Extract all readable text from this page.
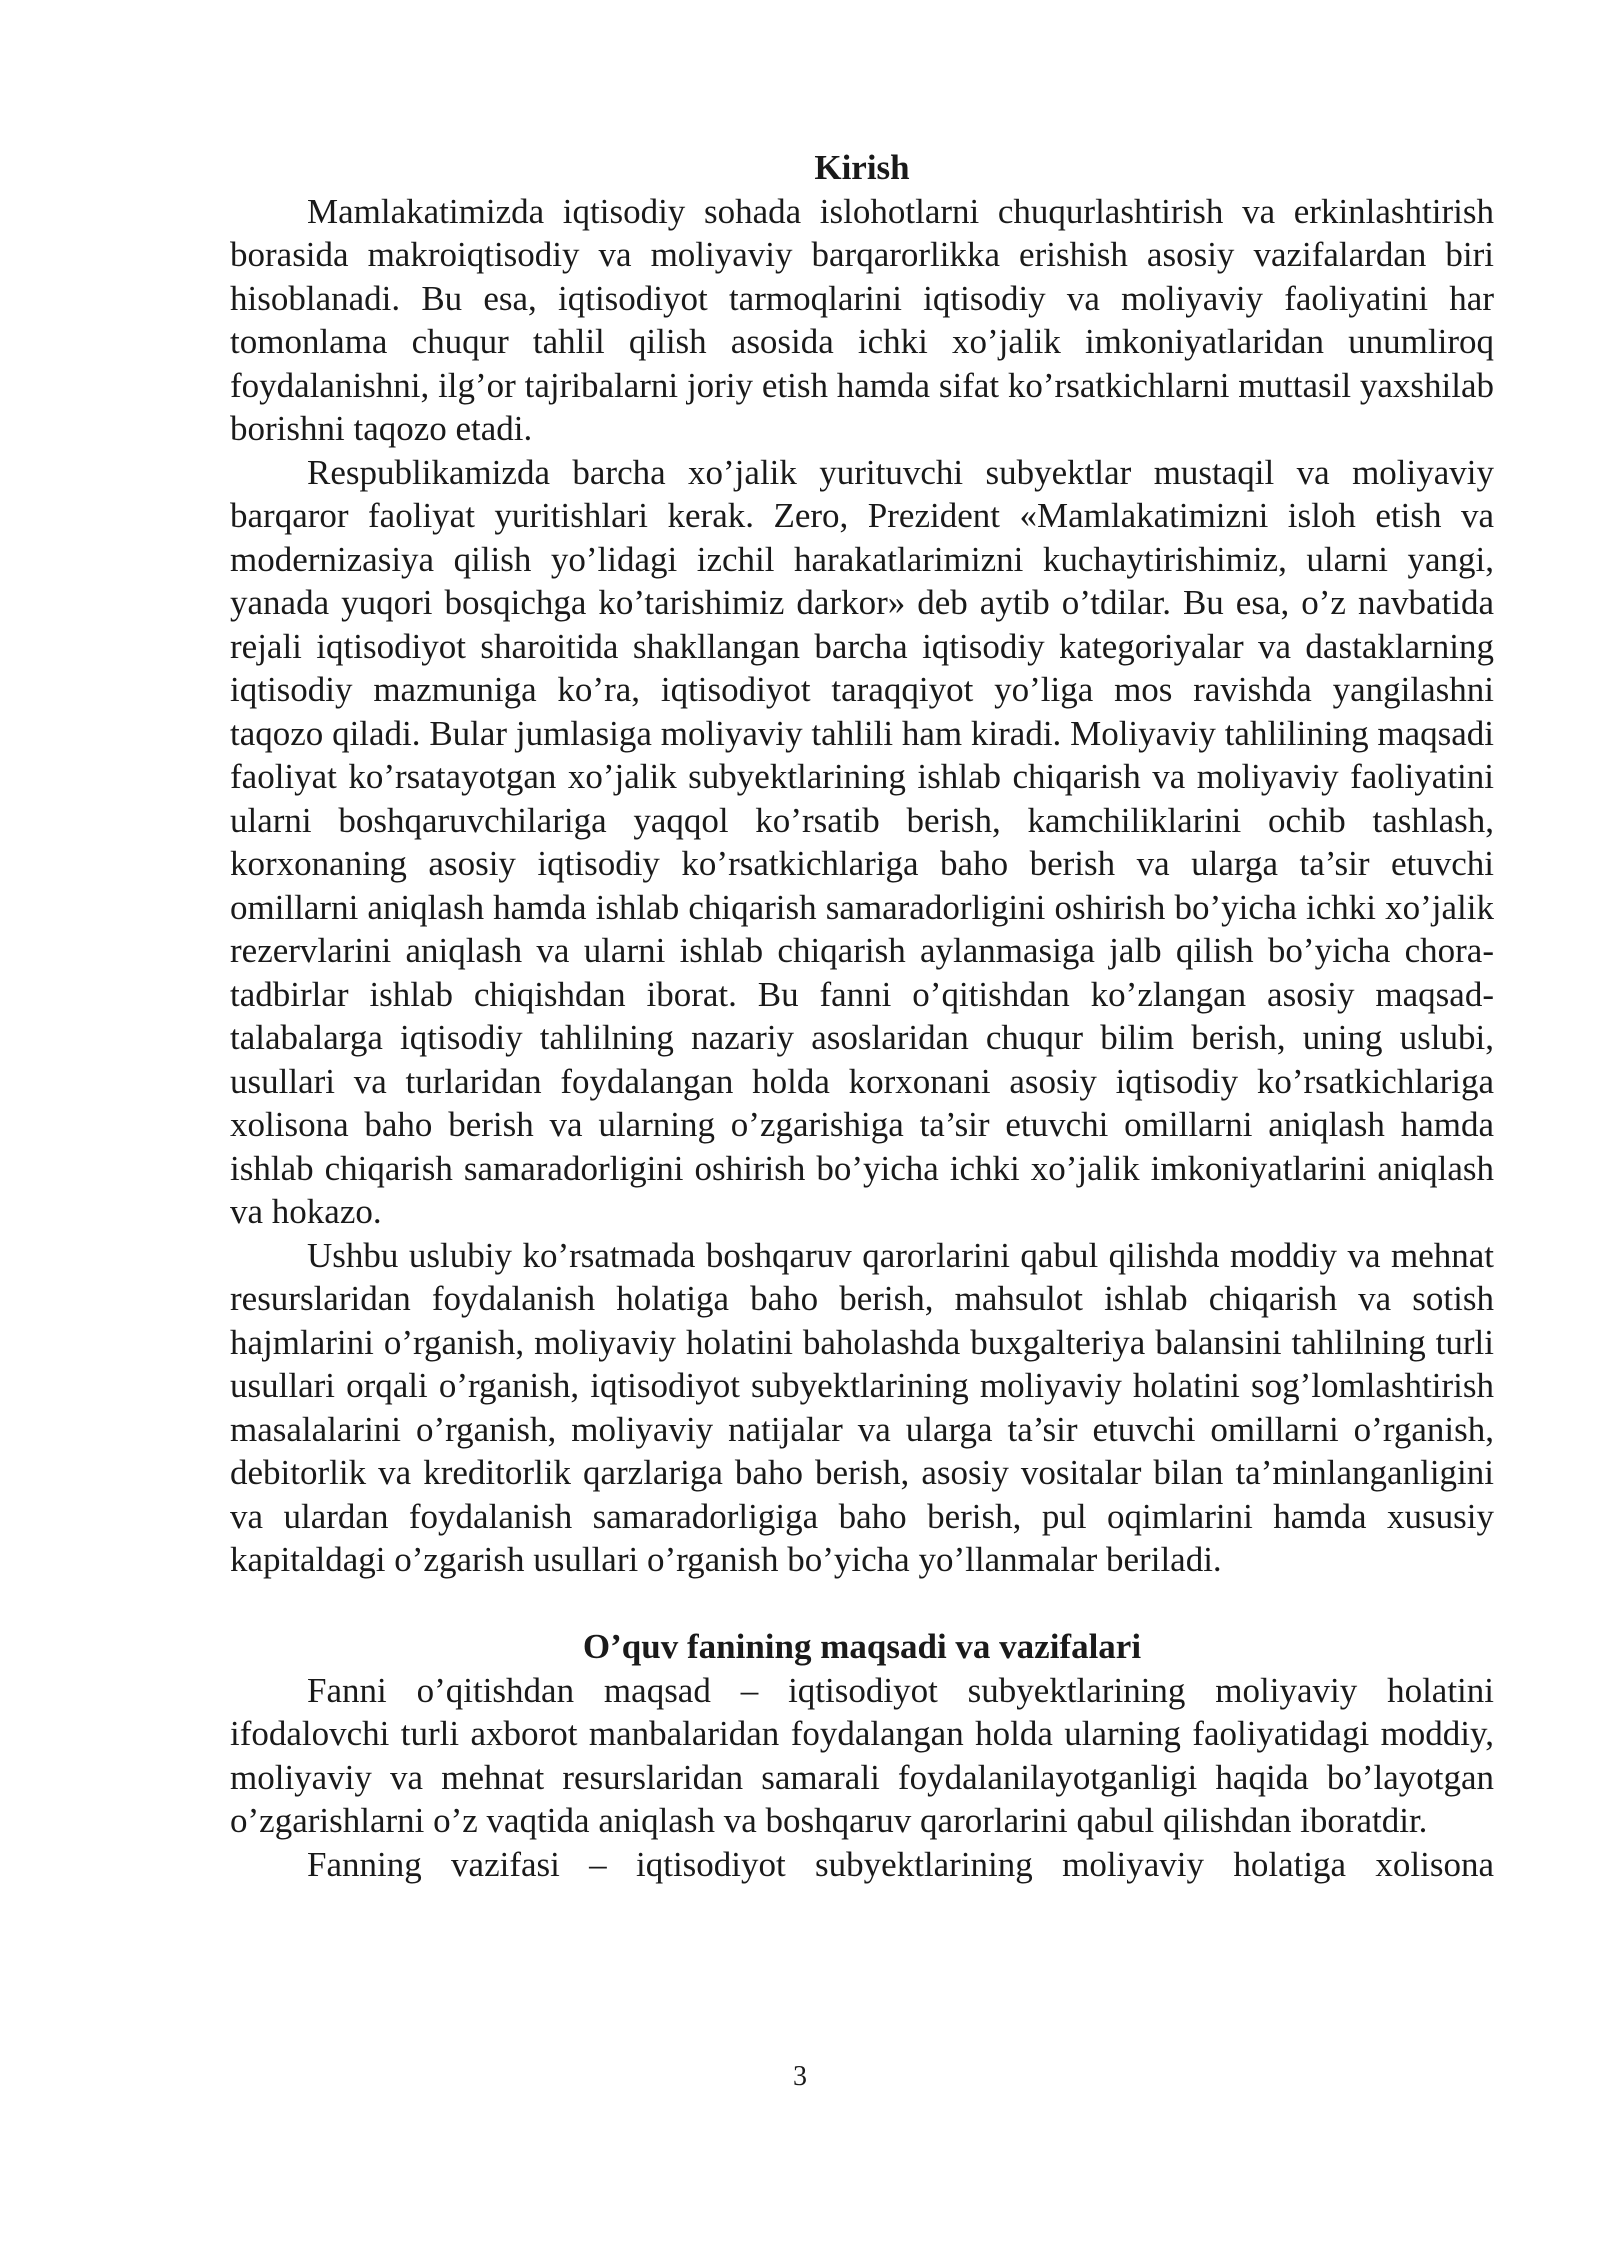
Kirish

Mamlakatimizda iqtisodiy sohada islohotlarni chuqurlashtirish va erkinlashtirish borasida makroiqtisodiy va moliyaviy barqarorlikka erishish asosiy vazifalardan biri hisoblanadi. Bu esa, iqtisodiyot tarmoqlarini iqtisodiy va moliyaviy faoliyatini har tomonlama chuqur tahlil qilish asosida ichki xo’jalik imkoniyatlaridan unumliroq foydalanishni, ilg’or tajribalarni joriy etish hamda sifat ko’rsatkichlarni muttasil yaxshilab borishni taqozo etadi.

Respublikamizda barcha xo’jalik yurituvchi subyektlar mustaqil va moliyaviy barqaror faoliyat yuritishlari kerak. Zero, Prezident «Mamlakatimizni isloh etish va modernizasiya qilish yo’lidagi izchil harakatlarimizni kuchaytirishimiz, ularni yangi, yanada yuqori bosqichga ko’tarishimiz darkor» deb aytib o’tdilar. Bu esa, o’z navbatida rejali iqtisodiyot sharoitida shakllangan barcha iqtisodiy kategoriyalar va dastaklarning iqtisodiy mazmuniga ko’ra, iqtisodiyot taraqqiyot yo’liga mos ravishda yangilashni taqozo qiladi. Bular jumlasiga moliyaviy tahlili ham kiradi. Moliyaviy tahlilining maqsadi faoliyat ko’rsatayotgan xo’jalik subyektlarining ishlab chiqarish va moliyaviy faoliyatini ularni boshqaruvchilariga yaqqol ko’rsatib berish, kamchiliklarini ochib tashlash, korxonaning asosiy iqtisodiy ko’rsatkichlariga baho berish va ularga ta’sir etuvchi omillarni aniqlash hamda ishlab chiqarish samaradorligini oshirish bo’yicha ichki xo’jalik rezervlarini aniqlash va ularni ishlab chiqarish aylanmasiga jalb qilish bo’yicha chora-tadbirlar ishlab chiqishdan iborat. Bu fanni o’qitishdan ko’zlangan asosiy maqsad-talabalarga iqtisodiy tahlilning nazariy asoslaridan chuqur bilim berish, uning uslubi, usullari va turlaridan foydalangan holda korxonani asosiy iqtisodiy ko’rsatkichlariga xolisona baho berish va ularning o’zgarishiga ta’sir etuvchi omillarni aniqlash hamda ishlab chiqarish samaradorligini oshirish bo’yicha ichki xo’jalik imkoniyatlarini aniqlash va hokazo.

Ushbu uslubiy ko’rsatmada boshqaruv qarorlarini qabul qilishda moddiy va mehnat resurslaridan foydalanish holatiga baho berish, mahsulot ishlab chiqarish va sotish hajmlarini o’rganish, moliyaviy holatini baholashda buxgalteriya balansini tahlilning turli usullari orqali o’rganish, iqtisodiyot subyektlarining moliyaviy holatini sog’lomlashtirish masalalarini o’rganish, moliyaviy natijalar va ularga ta’sir etuvchi omillarni o’rganish, debitorlik va kreditorlik qarzlariga baho berish, asosiy vositalar bilan ta’minlanganligini va ulardan foydalanish samaradorligiga baho berish, pul oqimlarini hamda xususiy kapitaldagi o’zgarish usullari o’rganish bo’yicha yo’llanmalar beriladi.

O’quv fanining maqsadi va vazifalari

Fanni o’qitishdan maqsad – iqtisodiyot subyektlarining moliyaviy holatini ifodalovchi turli axborot manbalaridan foydalangan holda ularning faoliyatidagi moddiy, moliyaviy va mehnat resurslaridan samarali foydalanilayotganligi haqida bo’layotgan o’zgarishlarni o’z vaqtida aniqlash va boshqaruv qarorlarini qabul qilishdan iboratdir.

Fanning vazifasi – iqtisodiyot subyektlarining moliyaviy holatiga xolisona

3
